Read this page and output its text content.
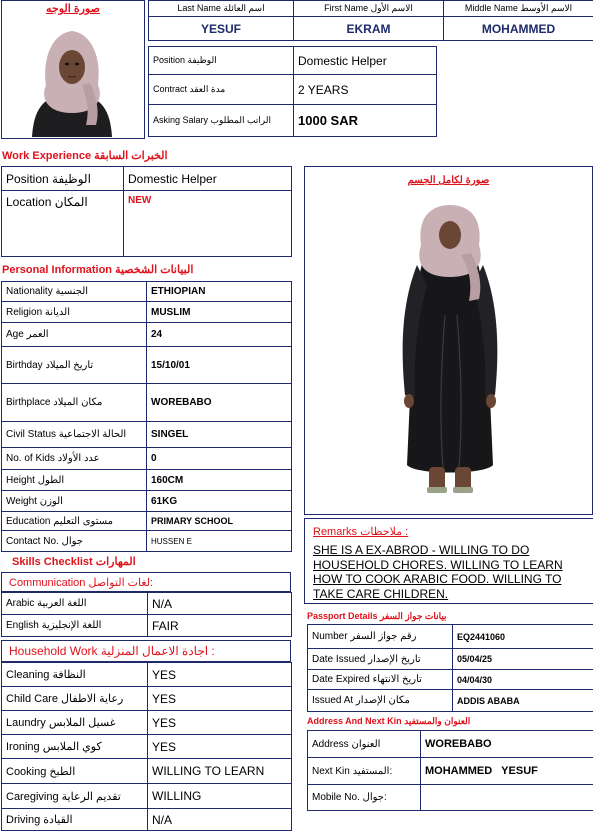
صورة الوجه	Last Name اسم العائلة	First Name الاسم الأول	Middle Name الاسم الأوسط
YESUF	EKRAM	MOHAMMED
Position الوظيفة	Domestic Helper
Contract مدة العقد	2 YEARS
Asking Salary الراتب المطلوب	1000 SAR
Work Experience الخبرات السابقة
Position الوظيفة	Domestic Helper
Location المكان	NEW
صورة لكامل الجسم
Personal Information البيانات الشخصية
Nationality الجنسية	ETHIOPIAN
Religion الديانة	MUSLIM
Age العمر	24
Birthday تاريخ الميلاد	15/10/01
Birthplace مكان الميلاد	WOREBABO
Civil Status الحالة الاجتماعية	SINGEL
No. of Kids عدد الأولاد	0
Height الطول	160CM
Weight الوزن	61KG
Education مستوى التعليم	PRIMARY SCHOOL
Contact No. جوال	HUSSEN E
Skills Checklist المهارات
Communication لغات التواصل:
Arabic اللغة العربية	N/A
English اللغة الإنجليزية	FAIR
Household Work اجادة الاعمال المنزلية :
Cleaning النظافة	YES
Child Care رعاية الاطفال	YES
Laundry غسيل الملابس	YES
Ironing كوي الملابس	YES
Cooking الطبخ	WILLING TO LEARN
Caregiving تقديم الرعاية	WILLING
Driving القيادة	N/A
Remarks ملاحظات :
SHE IS A EX-ABROD - WILLING TO DO HOUSEHOLD CHORES. WILLING TO LEARN HOW TO COOK ARABIC FOOD. WILLING TO TAKE CARE CHILDREN.
Passport Details بيانات جواز السفر
Number رقم جواز السفر	EQ2441060
Date Issued تاريخ الإصدار	05/04/25
Date Expired تاريخ الانتهاء	04/04/30
Issued At مكان الإصدار	ADDIS ABABA
Address And Next Kin العنوان والمستفيد
Address العنوان	WOREBABO
Next Kin المستفيد:	MOHAMMED   YESUF
Mobile No. جوال:	
